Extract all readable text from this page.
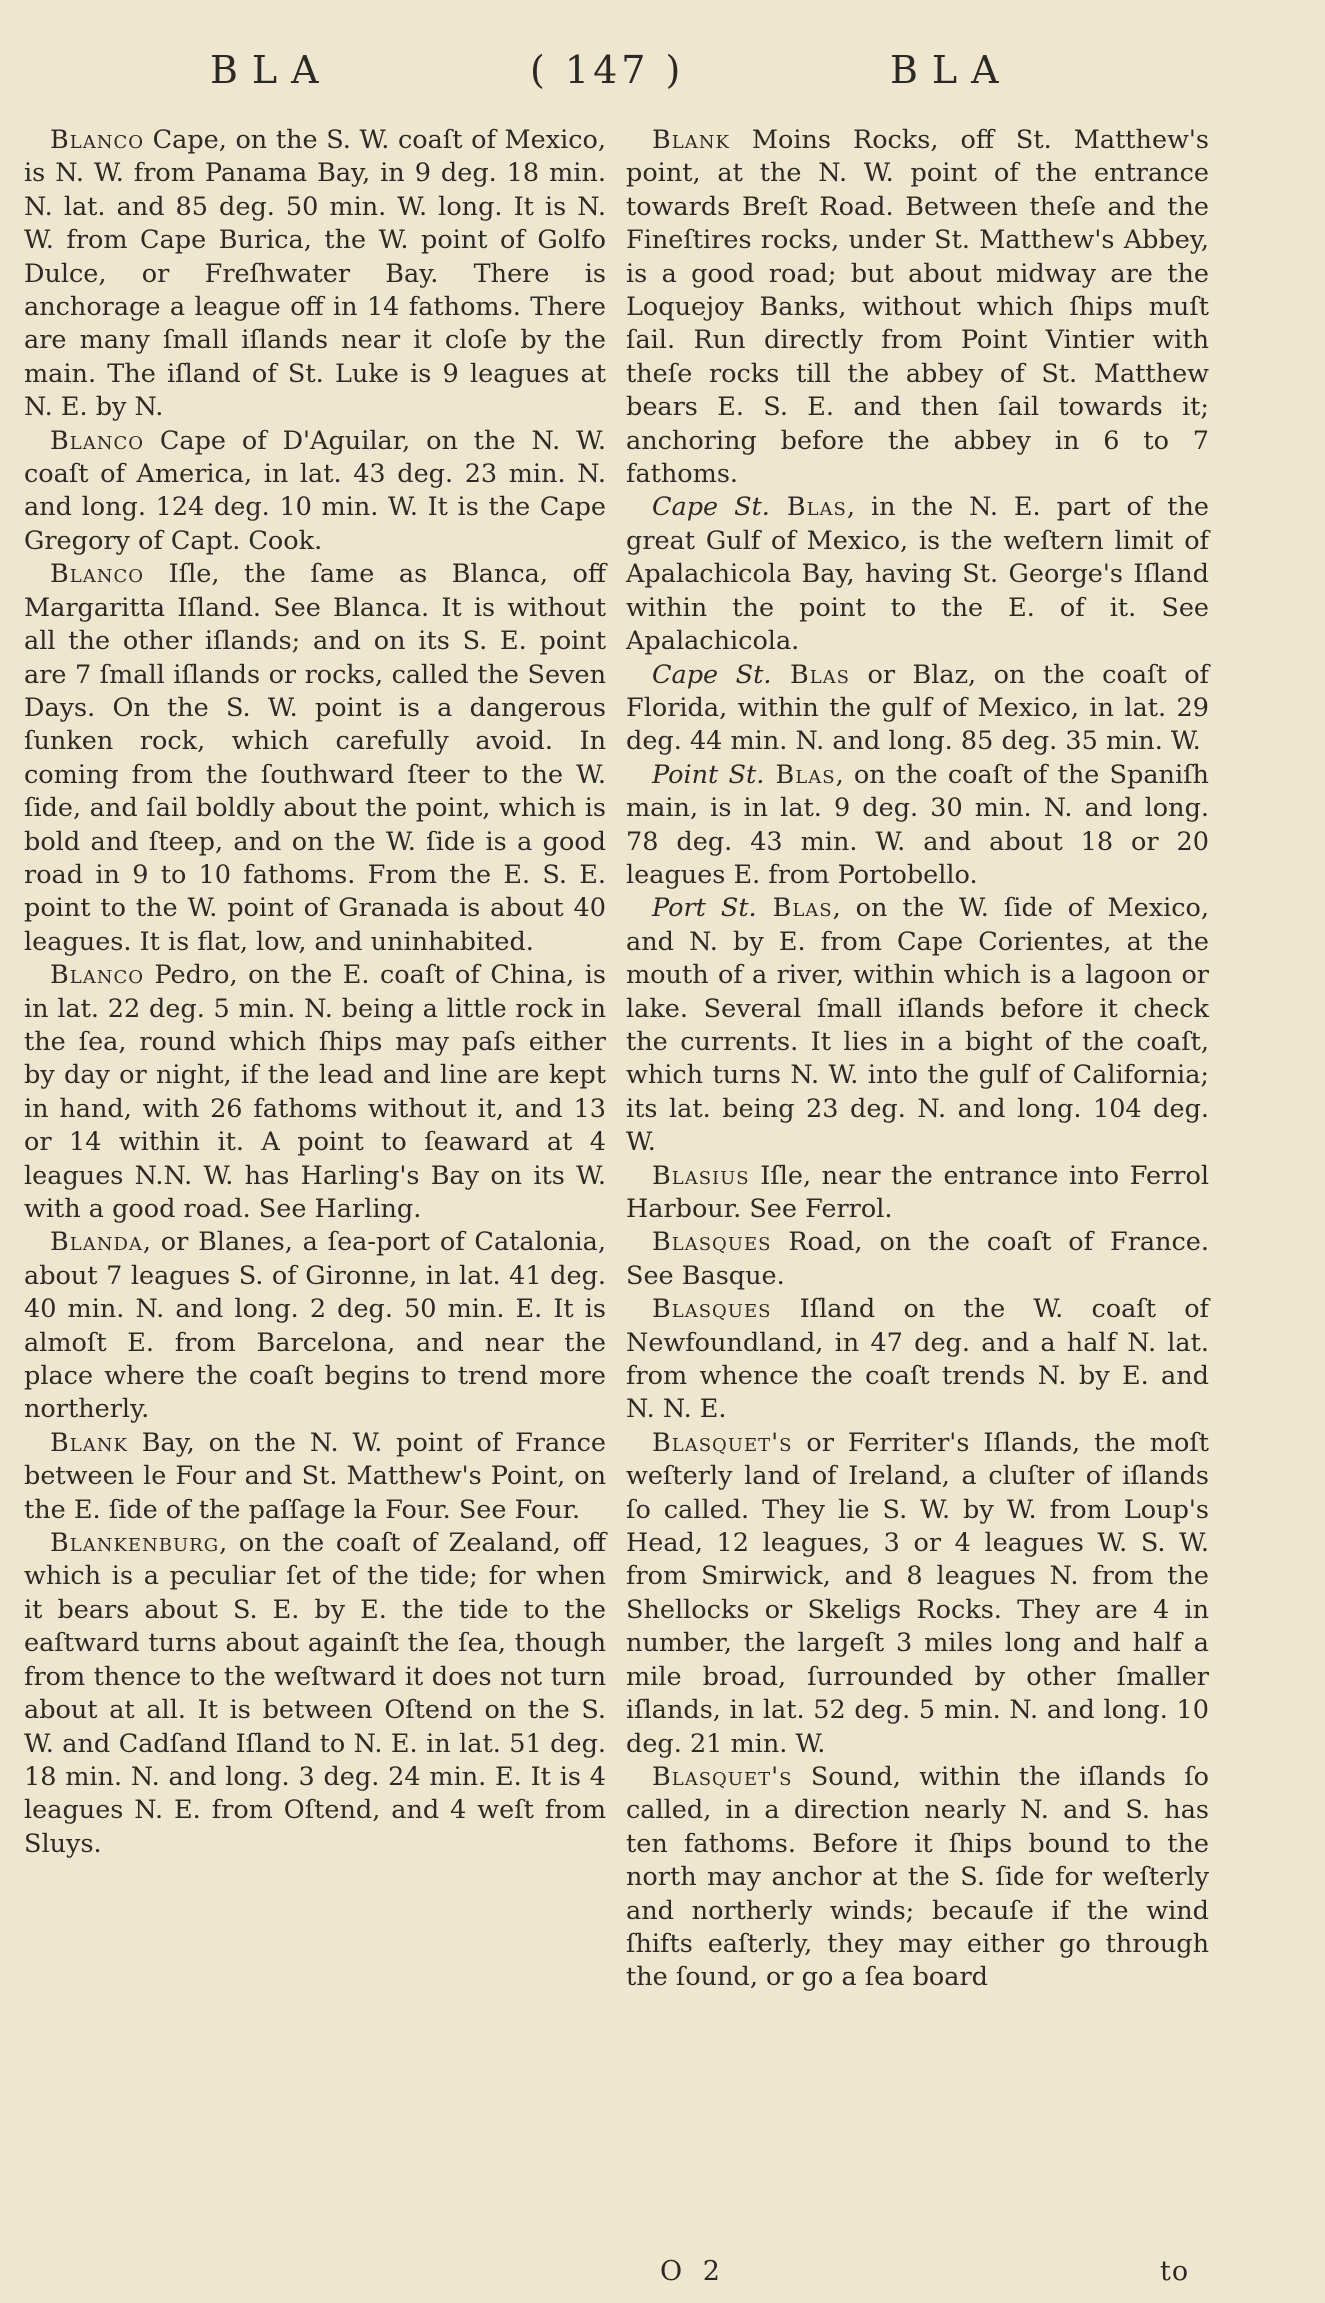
BLA	( 147 )	BLA

Blanco Cape, on the S. W. coaſt of Mexico, is N. W. from Panama Bay, in 9 deg. 18 min. N. lat. and 85 deg. 50 min. W. long. It is N. W. from Cape Burica, the W. point of Golfo Dulce, or Freſhwater Bay. There is anchorage a league off in 14 fathoms. There are many ſmall iſlands near it cloſe by the main. The iſland of St. Luke is 9 leagues at N. E. by N.

Blanco Cape of D'Aguilar, on the N. W. coaſt of America, in lat. 43 deg. 23 min. N. and long. 124 deg. 10 min. W. It is the Cape Gregory of Capt. Cook.

Blanco Iſle, the ſame as Blanca, off Margaritta Iſland. See Blanca. It is without all the other iſlands; and on its S. E. point are 7 ſmall iſlands or rocks, called the Seven Days. On the S. W. point is a dangerous ſunken rock, which carefully avoid. In coming from the ſouthward ſteer to the W. ſide, and ſail boldly about the point, which is bold and ſteep, and on the W. ſide is a good road in 9 to 10 fathoms. From the E. S. E. point to the W. point of Granada is about 40 leagues. It is flat, low, and uninhabited.

Blanco Pedro, on the E. coaſt of China, is in lat. 22 deg. 5 min. N. being a little rock in the ſea, round which ſhips may paſs either by day or night, if the lead and line are kept in hand, with 26 fathoms without it, and 13 or 14 within it. A point to ſeaward at 4 leagues N.N. W. has Harling's Bay on its W. with a good road. See Harling.

Blanda, or Blanes, a ſea-port of Catalonia, about 7 leagues S. of Gironne, in lat. 41 deg. 40 min. N. and long. 2 deg. 50 min. E. It is almoſt E. from Barcelona, and near the place where the coaſt begins to trend more northerly.

Blank Bay, on the N. W. point of France between le Four and St. Matthew's Point, on the E. ſide of the paſſage la Four. See Four.

Blankenburg, on the coaſt of Zealand, off which is a peculiar ſet of the tide; for when it bears about S. E. by E. the tide to the eaſtward turns about againſt the ſea, though from thence to the weſtward it does not turn about at all. It is between Oſtend on the S. W. and Cadſand Iſland to N. E. in lat. 51 deg. 18 min. N. and long. 3 deg. 24 min. E. It is 4 leagues N. E. from Oſtend, and 4 weſt from Sluys.

Blank Moins Rocks, off St. Matthew's point, at the N. W. point of the entrance towards Breſt Road. Between theſe and the Fineſtires rocks, under St. Matthew's Abbey, is a good road; but about midway are the Loquejoy Banks, without which ſhips muſt ſail. Run directly from Point Vintier with theſe rocks till the abbey of St. Matthew bears E. S. E. and then ſail towards it; anchoring before the abbey in 6 to 7 fathoms.

Cape St. Blas, in the N. E. part of the great Gulf of Mexico, is the weſtern limit of Apalachicola Bay, having St. George's Iſland within the point to the E. of it. See Apalachicola.

Cape St. Blas or Blaz, on the coaſt of Florida, within the gulf of Mexico, in lat. 29 deg. 44 min. N. and long. 85 deg. 35 min. W.

Point St. Blas, on the coaſt of the Spaniſh main, is in lat. 9 deg. 30 min. N. and long. 78 deg. 43 min. W. and about 18 or 20 leagues E. from Portobello.

Port St. Blas, on the W. ſide of Mexico, and N. by E. from Cape Corientes, at the mouth of a river, within which is a lagoon or lake. Several ſmall iſlands before it check the currents. It lies in a bight of the coaſt, which turns N. W. into the gulf of California; its lat. being 23 deg. N. and long. 104 deg. W.

Blasius Iſle, near the entrance into Ferrol Harbour. See Ferrol.

Blasques Road, on the coaſt of France. See Basque.

Blasques Iſland on the W. coaſt of Newfoundland, in 47 deg. and a half N. lat. from whence the coaſt trends N. by E. and N. N. E.

Blasquet's or Ferriter's Iſlands, the moſt weſterly land of Ireland, a cluſter of iſlands ſo called. They lie S. W. by W. from Loup's Head, 12 leagues, 3 or 4 leagues W. S. W. from Smirwick, and 8 leagues N. from the Shellocks or Skeligs Rocks. They are 4 in number, the largeſt 3 miles long and half a mile broad, ſurrounded by other ſmaller iſlands, in lat. 52 deg. 5 min. N. and long. 10 deg. 21 min. W.

Blasquet's Sound, within the iſlands ſo called, in a direction nearly N. and S. has ten fathoms. Before it ſhips bound to the north may anchor at the S. ſide for weſterly and northerly winds; becauſe if the wind ſhifts eaſterly, they may either go through the ſound, or go a ſea board

O 2	to
